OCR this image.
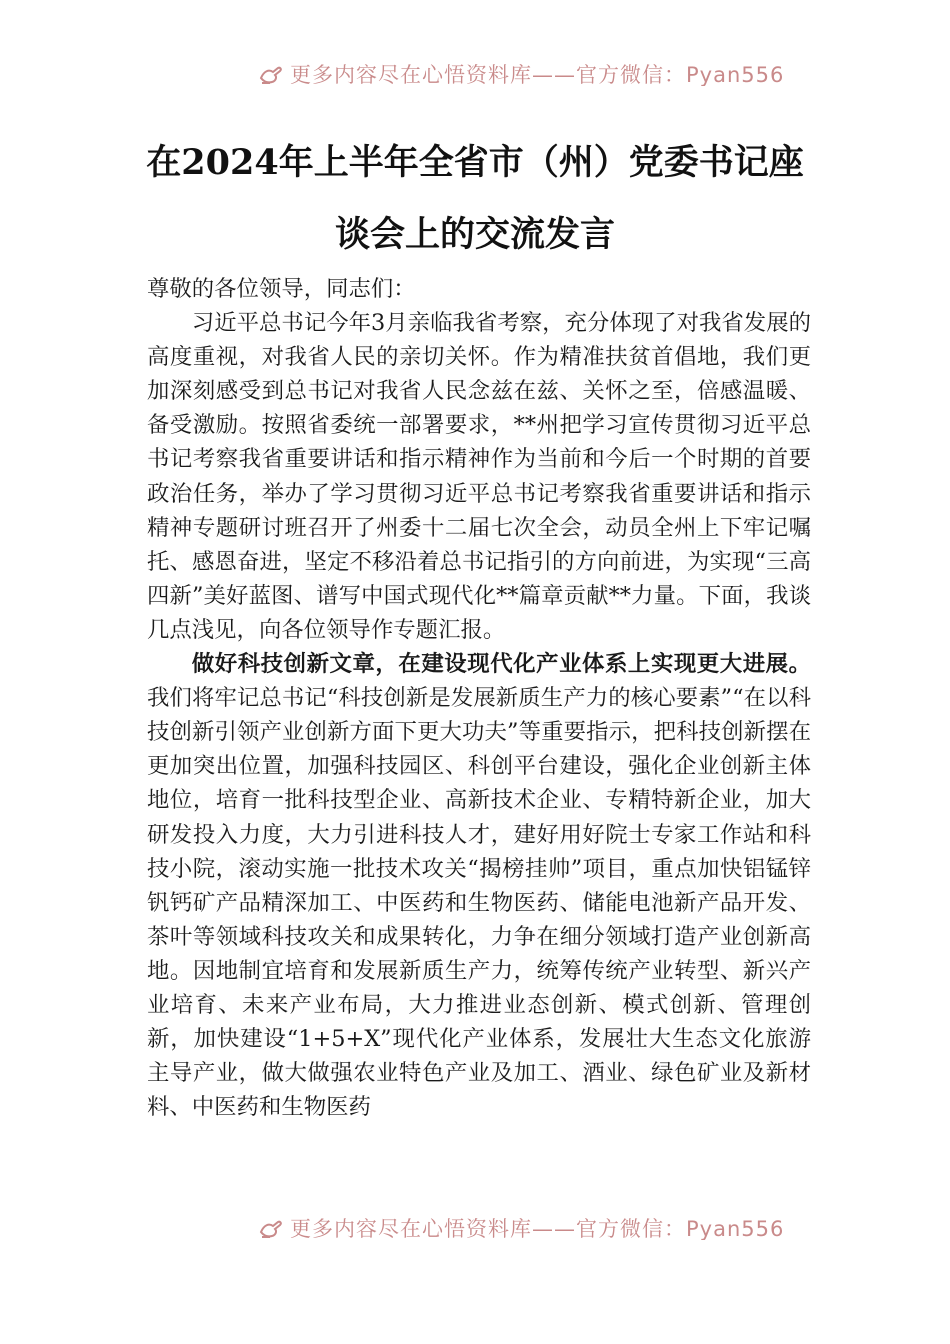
更多内容尽在心悟资料库——官方微信：Pyan556
在2024年上半年全省市（州）党委书记座
谈会上的交流发言

尊敬的各位领导，同志们：

习近平总书记今年3月亲临我省考察，充分体现了对我省发展的高度重视，对我省人民的亲切关怀。作为精准扶贫首倡地，我们更加深刻感受到总书记对我省人民念兹在兹、关怀之至，倍感温暖、备受激励。按照省委统一部署要求，**州把学习宣传贯彻习近平总书记考察我省重要讲话和指示精神作为当前和今后一个时期的首要政治任务，举办了学习贯彻习近平总书记考察我省重要讲话和指示精神专题研讨班召开了州委十二届七次全会，动员全州上下牢记嘱托、感恩奋进，坚定不移沿着总书记指引的方向前进，为实现“三高四新”美好蓝图、谱写中国式现代化**篇章贡献**力量。下面，我谈几点浅见，向各位领导作专题汇报。

做好科技创新文章，在建设现代化产业体系上实现更大进展。我们将牢记总书记“科技创新是发展新质生产力的核心要素”“在以科技创新引领产业创新方面下更大功夫”等重要指示，把科技创新摆在更加突出位置，加强科技园区、科创平台建设，强化企业创新主体地位，培育一批科技型企业、高新技术企业、专精特新企业，加大研发投入力度，大力引进科技人才，建好用好院士专家工作站和科技小院，滚动实施一批技术攻关“揭榜挂帅”项目，重点加快铝锰锌钒钙矿产品精深加工、中医药和生物医药、储能电池新产品开发、茶叶等领域科技攻关和成果转化，力争在细分领域打造产业创新高地。因地制宜培育和发展新质生产力，统筹传统产业转型、新兴产业培育、未来产业布局，大力推进业态创新、模式创新、管理创新，加快建设“1+5+X”现代化产业体系，发展壮大生态文化旅游主导产业，做大做强农业特色产业及加工、酒业、绿色矿业及新材料、中医药和生物医药

更多内容尽在心悟资料库——官方微信：Pyan556
